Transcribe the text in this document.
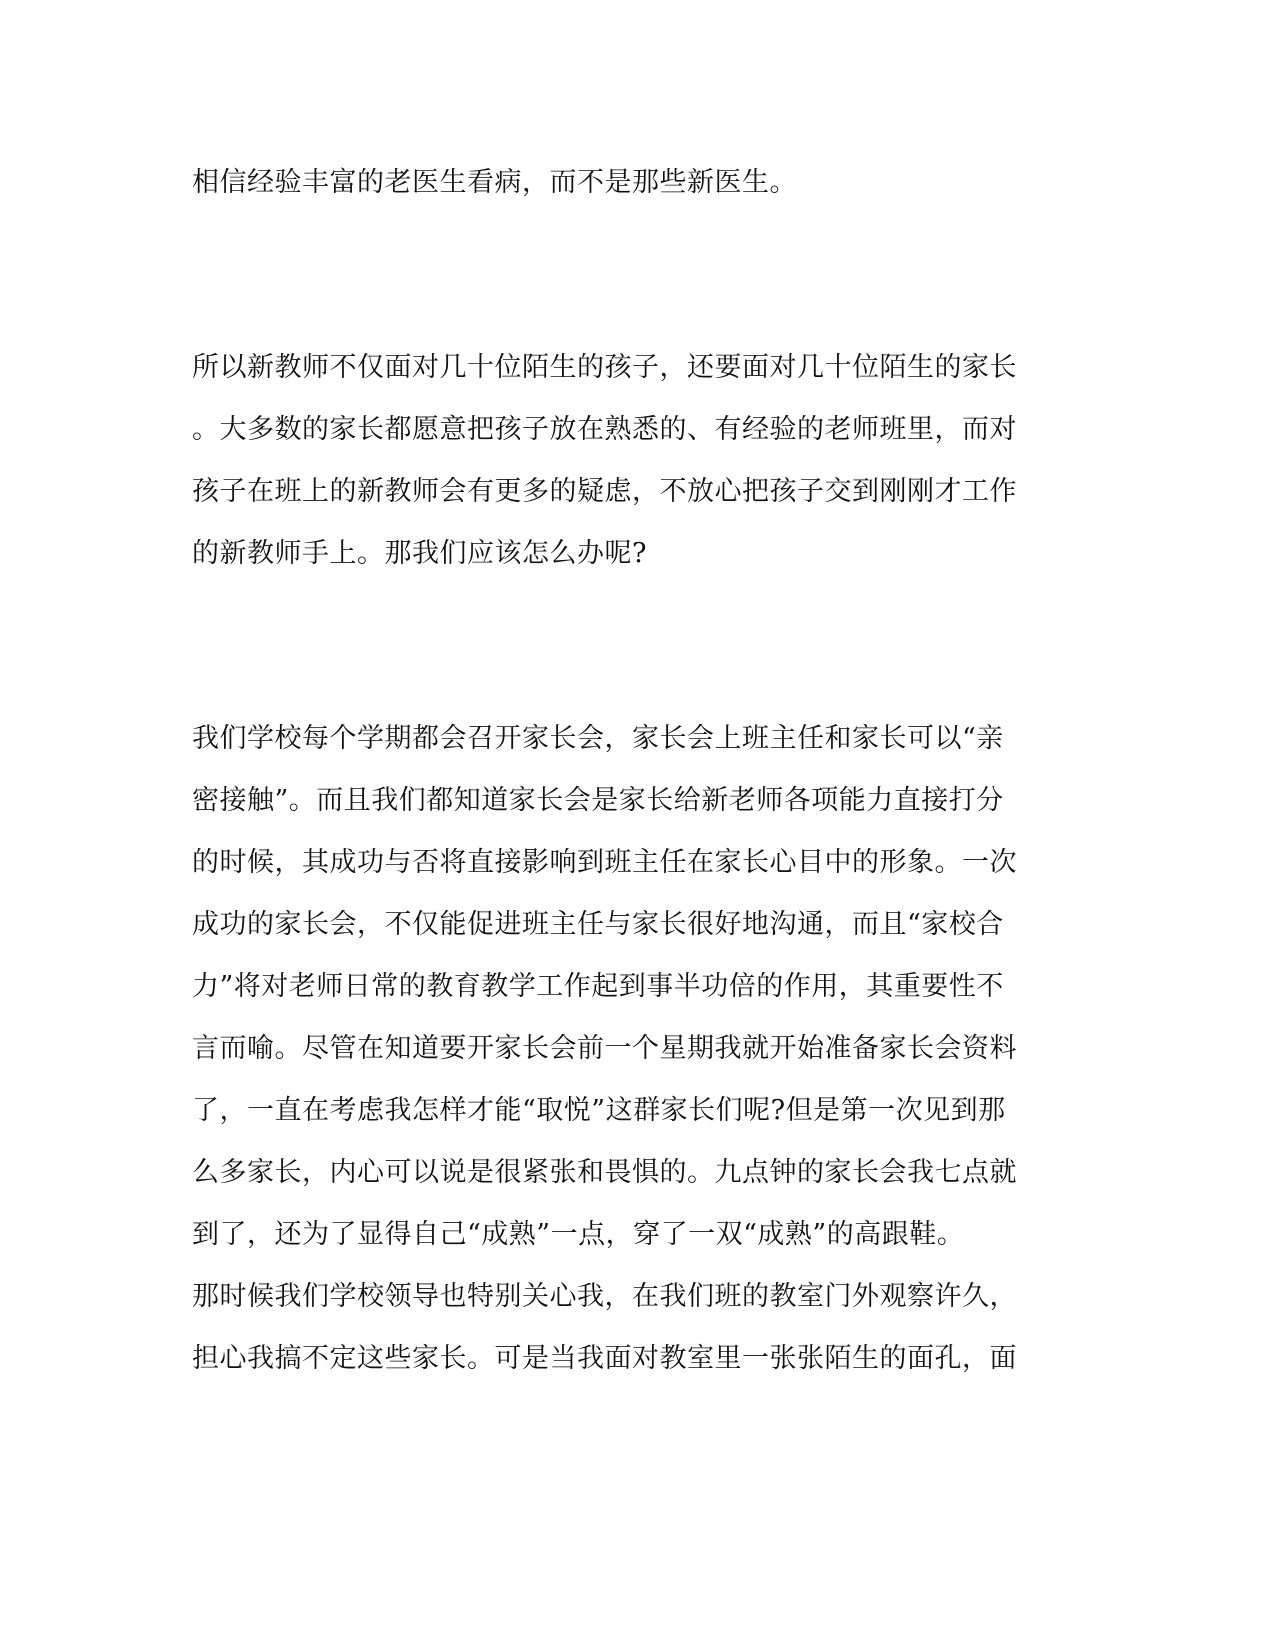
相信经验丰富的老医生看病，而不是那些新医生。

所以新教师不仅面对几十位陌生的孩子，还要面对几十位陌生的家长

。大多数的家长都愿意把孩子放在熟悉的、有经验的老师班里，而对

孩子在班上的新教师会有更多的疑虑，不放心把孩子交到刚刚才工作

的新教师手上。那我们应该怎么办呢?

我们学校每个学期都会召开家长会，家长会上班主任和家长可以“亲

密接触”。而且我们都知道家长会是家长给新老师各项能力直接打分

的时候，其成功与否将直接影响到班主任在家长心目中的形象。一次

成功的家长会，不仅能促进班主任与家长很好地沟通，而且“家校合

力”将对老师日常的教育教学工作起到事半功倍的作用，其重要性不

言而喻。尽管在知道要开家长会前一个星期我就开始准备家长会资料

了，一直在考虑我怎样才能“取悦”这群家长们呢?但是第一次见到那

么多家长，内心可以说是很紧张和畏惧的。九点钟的家长会我七点就

到了，还为了显得自己“成熟”一点，穿了一双“成熟”的高跟鞋。

那时候我们学校领导也特别关心我，在我们班的教室门外观察许久，

担心我搞不定这些家长。可是当我面对教室里一张张陌生的面孔，面
